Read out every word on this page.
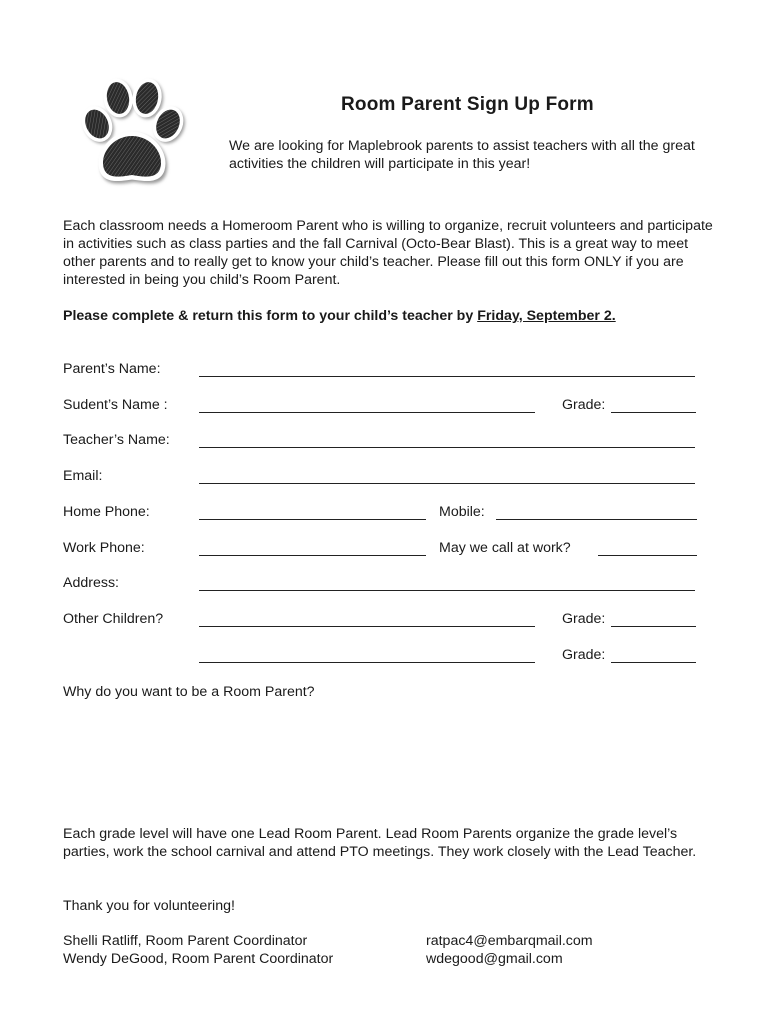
Room Parent Sign Up Form
We are looking for Maplebrook parents to assist teachers with all the great activities the children will participate in this year!
Each classroom needs a Homeroom Parent who is willing to organize, recruit volunteers and participate in activities such as class parties and the fall Carnival (Octo-Bear Blast). This is a great way to meet other parents and to really get to know your child’s teacher. Please fill out this form ONLY if you are interested in being you child’s Room Parent.
Please complete & return this form to your child’s teacher by Friday, September 2.
Parent’s Name:
Sudent’s Name :	Grade:
Teacher’s Name:
Email:
Home Phone:	Mobile:
Work Phone:	May we call at work?
Address:
Other Children?	Grade:
Grade:
Why do you want to be a Room Parent?
Each grade level will have one Lead Room Parent. Lead Room Parents organize the grade level’s parties, work the school carnival and attend PTO meetings. They work closely with the Lead Teacher.
Thank you for volunteering!
Shelli Ratliff, Room Parent Coordinator	ratpac4@embarqmail.com
Wendy DeGood, Room Parent Coordinator	wdegood@gmail.com
